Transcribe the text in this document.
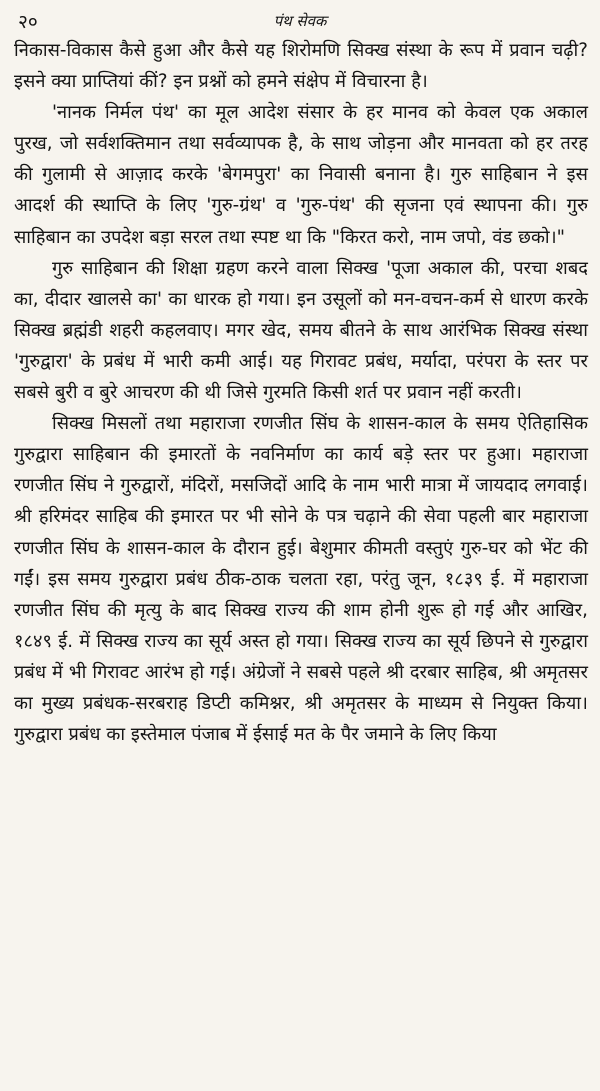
२०	पंथ सेवक

निकास-विकास कैसे हुआ और कैसे यह शिरोमणि सिक्ख संस्था के रूप में प्रवान चढ़ी? इसने क्या प्राप्तियां कीं? इन प्रश्नों को हमने संक्षेप में विचारना है।

'नानक निर्मल पंथ' का मूल आदेश संसार के हर मानव को केवल एक अकाल पुरख, जो सर्वशक्तिमान तथा सर्वव्यापक है, के साथ जोड़ना और मानवता को हर तरह की गुलामी से आज़ाद करके 'बेगमपुरा' का निवासी बनाना है। गुरु साहिबान ने इस आदर्श की स्थाप्ति के लिए 'गुरु-ग्रंथ' व 'गुरु-पंथ' की सृजना एवं स्थापना की। गुरु साहिबान का उपदेश बड़ा सरल तथा स्पष्ट था कि "किरत करो, नाम जपो, वंड छको।"

गुरु साहिबान की शिक्षा ग्रहण करने वाला सिक्ख 'पूजा अकाल की, परचा शबद का, दीदार खालसे का' का धारक हो गया। इन उसूलों को मन-वचन-कर्म से धारण करके सिक्ख ब्रह्मंडी शहरी कहलवाए। मगर खेद, समय बीतने के साथ आरंभिक सिक्ख संस्था 'गुरुद्वारा' के प्रबंध में भारी कमी आई। यह गिरावट प्रबंध, मर्यादा, परंपरा के स्तर पर सबसे बुरी व बुरे आचरण की थी जिसे गुरमति किसी शर्त पर प्रवान नहीं करती।

सिक्ख मिसलों तथा महाराजा रणजीत सिंघ के शासन-काल के समय ऐतिहासिक गुरुद्वारा साहिबान की इमारतों के नवनिर्माण का कार्य बड़े स्तर पर हुआ। महाराजा रणजीत सिंघ ने गुरुद्वारों, मंदिरों, मसजिदों आदि के नाम भारी मात्रा में जायदाद लगवाई। श्री हरिमंदर साहिब की इमारत पर भी सोने के पत्र चढ़ाने की सेवा पहली बार महाराजा रणजीत सिंघ के शासन-काल के दौरान हुई। बेशुमार कीमती वस्तुएं गुरु-घर को भेंट की गईं। इस समय गुरुद्वारा प्रबंध ठीक-ठाक चलता रहा, परंतु जून, १८३९ ई. में महाराजा रणजीत सिंघ की मृत्यु के बाद सिक्ख राज्य की शाम होनी शुरू हो गई और आखिर, १८४९ ई. में सिक्ख राज्य का सूर्य अस्त हो गया। सिक्ख राज्य का सूर्य छिपने से गुरुद्वारा प्रबंध में भी गिरावट आरंभ हो गई। अंग्रेजों ने सबसे पहले श्री दरबार साहिब, श्री अमृतसर का मुख्य प्रबंधक-सरबराह डिप्टी कमिश्नर, श्री अमृतसर के माध्यम से नियुक्त किया। गुरुद्वारा प्रबंध का इस्तेमाल पंजाब में ईसाई मत के पैर जमाने के लिए किया
